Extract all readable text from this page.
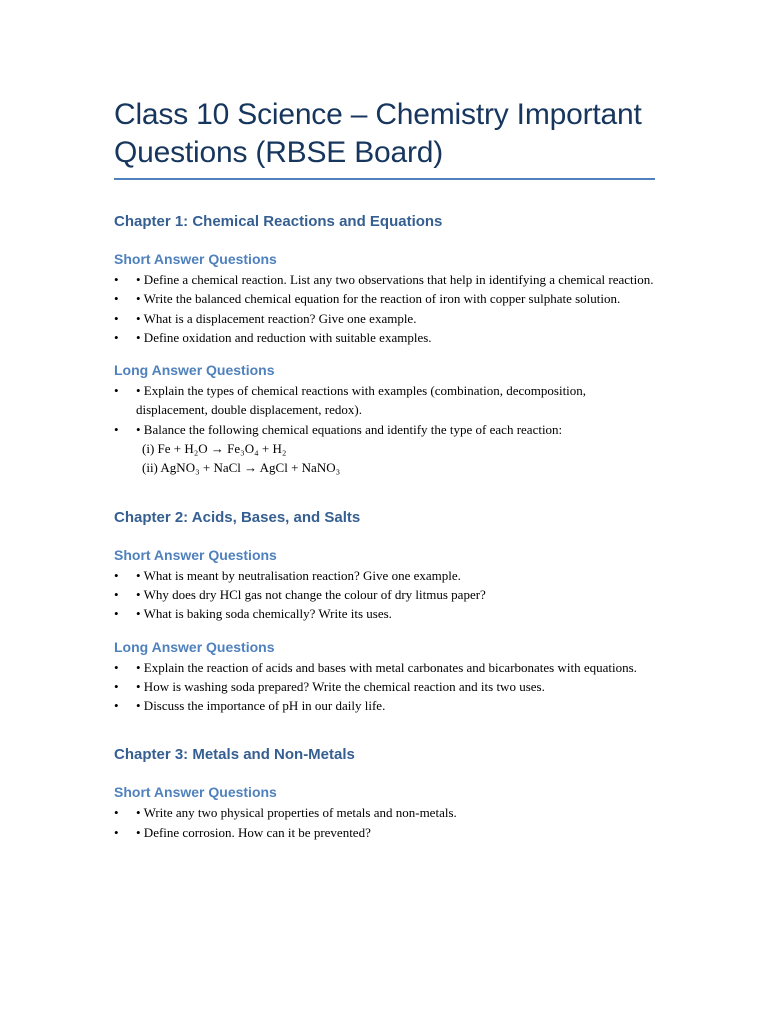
Class 10 Science – Chemistry Important Questions (RBSE Board)
Chapter 1: Chemical Reactions and Equations
Short Answer Questions
• • Define a chemical reaction. List any two observations that help in identifying a chemical reaction.
• • Write the balanced chemical equation for the reaction of iron with copper sulphate solution.
• • What is a displacement reaction? Give one example.
• • Define oxidation and reduction with suitable examples.
Long Answer Questions
• • Explain the types of chemical reactions with examples (combination, decomposition, displacement, double displacement, redox).
• • Balance the following chemical equations and identify the type of each reaction:
(i) Fe + H₂O → Fe₃O₄ + H₂
(ii) AgNO₃ + NaCl → AgCl + NaNO₃
Chapter 2: Acids, Bases, and Salts
Short Answer Questions
• • What is meant by neutralisation reaction? Give one example.
• • Why does dry HCl gas not change the colour of dry litmus paper?
• • What is baking soda chemically? Write its uses.
Long Answer Questions
• • Explain the reaction of acids and bases with metal carbonates and bicarbonates with equations.
• • How is washing soda prepared? Write the chemical reaction and its two uses.
• • Discuss the importance of pH in our daily life.
Chapter 3: Metals and Non-Metals
Short Answer Questions
• • Write any two physical properties of metals and non-metals.
• • Define corrosion. How can it be prevented?
